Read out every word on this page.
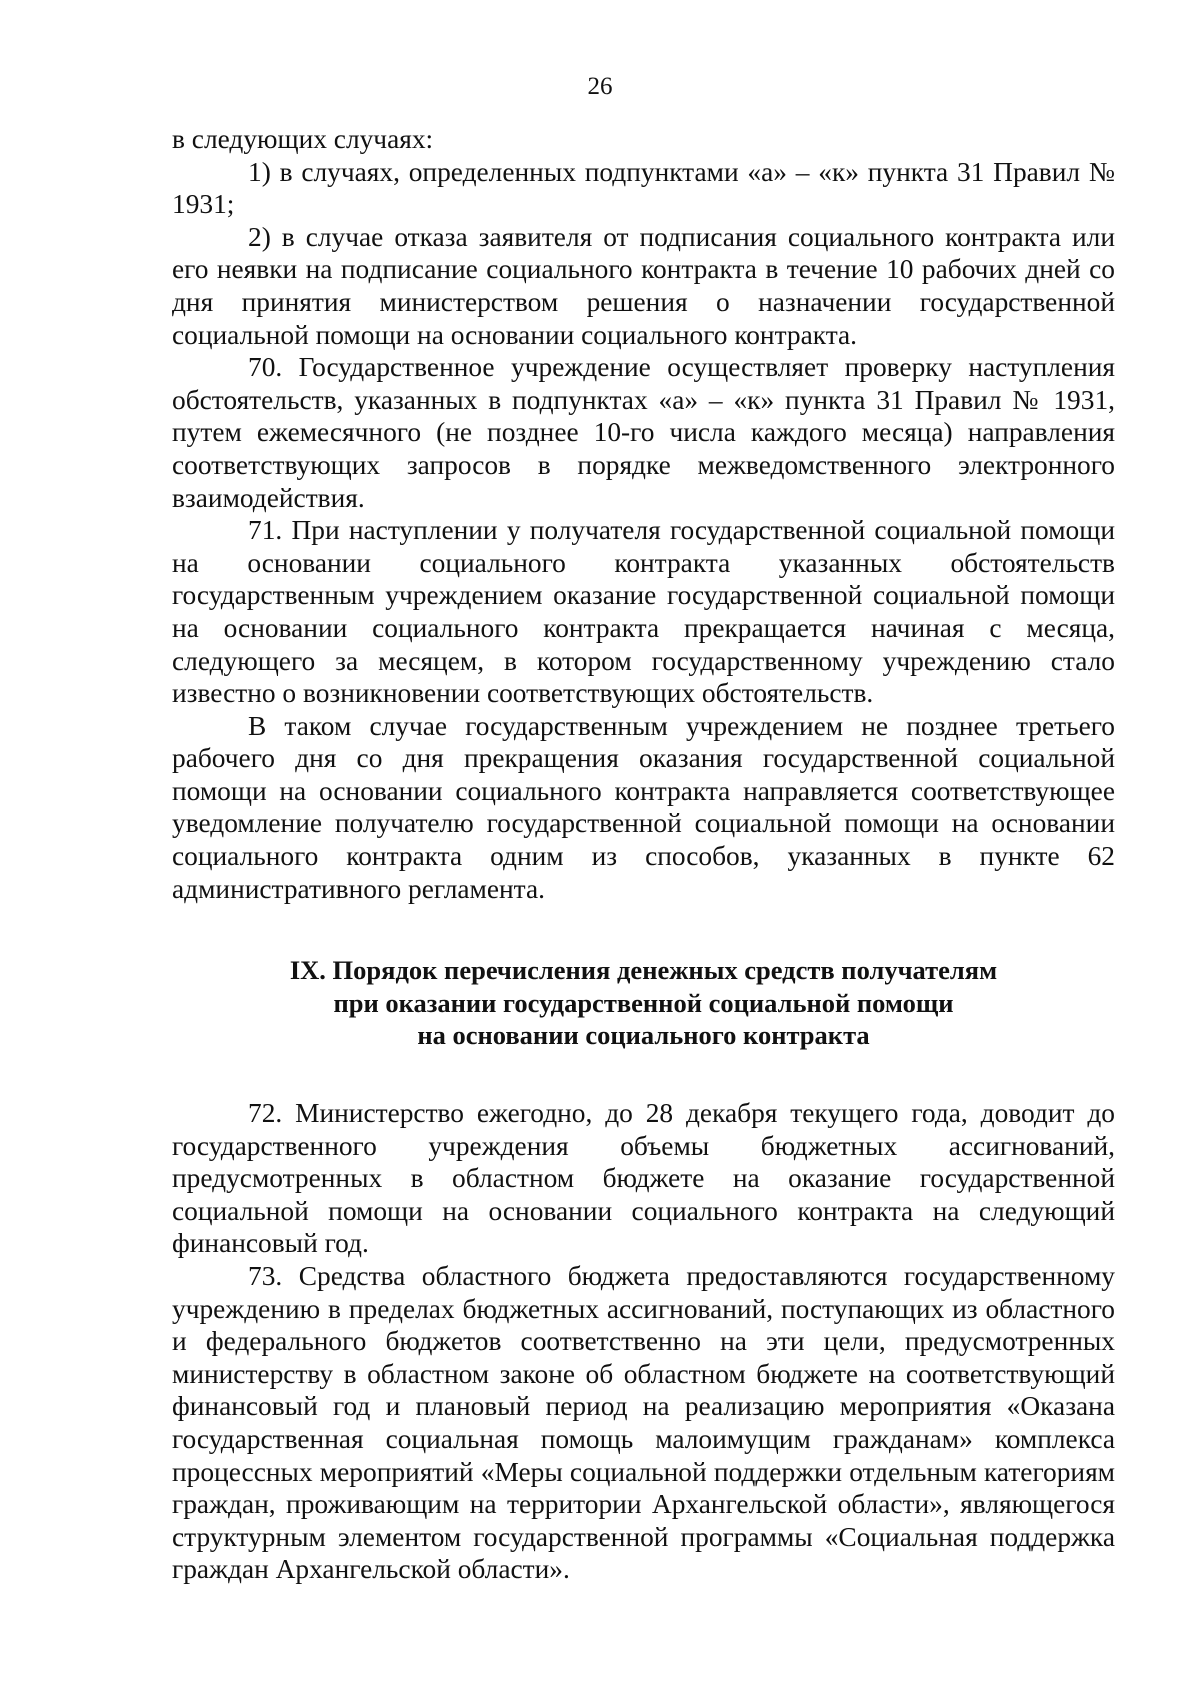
26

в следующих случаях:

1) в случаях, определенных подпунктами «а» – «к» пункта 31 Правил № 1931;

2) в случае отказа заявителя от подписания социального контракта или его неявки на подписание социального контракта в течение 10 рабочих дней со дня принятия министерством решения о назначении государственной социальной помощи на основании социального контракта.

70. Государственное учреждение осуществляет проверку наступления обстоятельств, указанных в подпунктах «а» – «к» пункта 31 Правил № 1931, путем ежемесячного (не позднее 10-го числа каждого месяца) направления соответствующих запросов в порядке межведомственного электронного взаимодействия.

71. При наступлении у получателя государственной социальной помощи на основании социального контракта указанных обстоятельств государственным учреждением оказание государственной социальной помощи на основании социального контракта прекращается начиная с месяца, следующего за месяцем, в котором государственному учреждению стало известно о возникновении соответствующих обстоятельств.

В таком случае государственным учреждением не позднее третьего рабочего дня со дня прекращения оказания государственной социальной помощи на основании социального контракта направляется соответствующее уведомление получателю государственной социальной помощи на основании социального контракта одним из способов, указанных в пункте 62 административного регламента.

IX. Порядок перечисления денежных средств получателям
при оказании государственной социальной помощи
на основании социального контракта

72. Министерство ежегодно, до 28 декабря текущего года, доводит до государственного учреждения объемы бюджетных ассигнований, предусмотренных в областном бюджете на оказание государственной социальной помощи на основании социального контракта на следующий финансовый год.

73. Средства областного бюджета предоставляются государственному учреждению в пределах бюджетных ассигнований, поступающих из областного и федерального бюджетов соответственно на эти цели, предусмотренных министерству в областном законе об областном бюджете на соответствующий финансовый год и плановый период на реализацию мероприятия «Оказана государственная социальная помощь малоимущим гражданам» комплекса процессных мероприятий «Меры социальной поддержки отдельным категориям граждан, проживающим на территории Архангельской области», являющегося структурным элементом государственной программы «Социальная поддержка граждан Архангельской области».
